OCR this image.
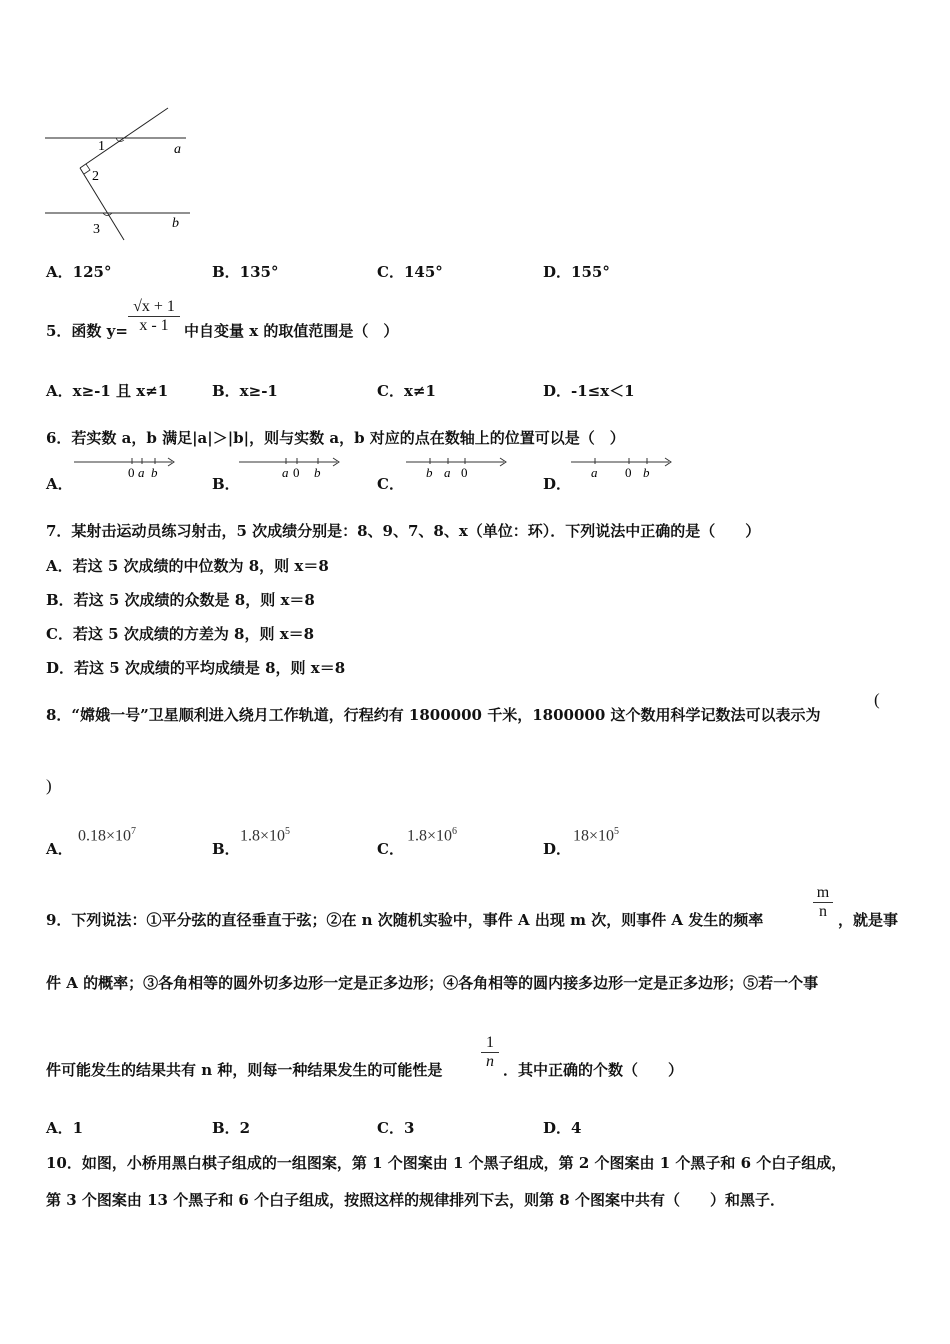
1
2
3
a
b
A．125°	B．135°	C．145°	D．155°
5．函数 $y= \frac{√x + 1}{x - 1}$ 中自变量 x 的取值范围是（　）
A．x≥-1 且 x≠1	B．x≥-1	C．x≠1	D．-1≤x＜1
6．若实数 a，b 满足|a|＞|b|，则与实数 a，b 对应的点在数轴上的位置可以是（　）
A．
0 a b
B．
a 0 b
C．
b a 0
D．
a 0 b
7．某射击运动员练习射击，5 次成绩分别是：8、9、7、8、x（单位：环）．下列说法中正确的是（　　）
A．若这 5 次成绩的中位数为 8，则 x＝8
B．若这 5 次成绩的众数是 8，则 x＝8
C．若这 5 次成绩的方差为 8，则 x＝8
D．若这 5 次成绩的平均成绩是 8，则 x＝8
8．“嫦娥一号”卫星顺利进入绕月工作轨道，行程约有 1800000 千米，1800000 这个数用科学记数法可以表示为
(
)
A．
$0.18\times 10^7$
B．
$1.8\times 10^5$
C．
$1.8\times 10^6$
D．
$18\times 10^5$
9．下列说法：①平分弦的直径垂直于弦；②在 n 次随机实验中，事件 A 出现 m 次，则事件 A 发生的频率	$\frac{m}{n}$ ，就是事
件 A 的概率；③各角相等的圆外切多边形一定是正多边形；④各角相等的圆内接多边形一定是正多边形；⑤若一个事
件可能发生的结果共有 n 种，则每一种结果发生的可能性是 $\frac{1}{n}$ ．其中正确的个数（　　）
A．1	B．2	C．3	D．4
10．如图，小桥用黑白棋子组成的一组图案，第 1 个图案由 1 个黑子组成，第 2 个图案由 1 个黑子和 6 个白子组成，
第 3 个图案由 13 个黑子和 6 个白子组成，按照这样的规律排列下去，则第 8 个图案中共有（　　）和黑子．
